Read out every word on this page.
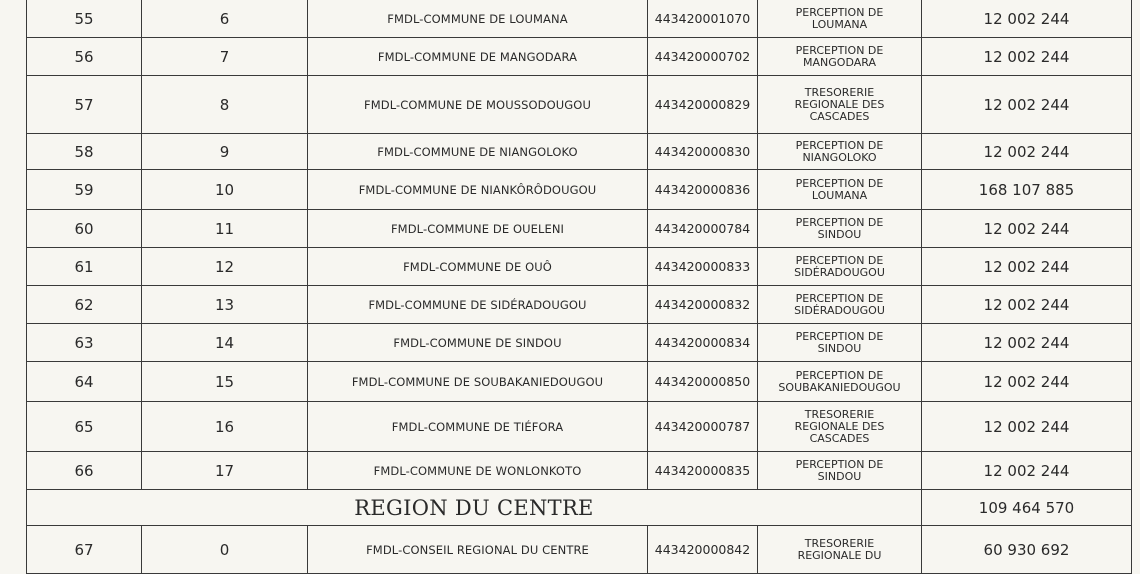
55	6	FMDL-COMMUNE DE LOUMANA	443420001070	PERCEPTION DE
LOUMANA	12 002 244
56	7	FMDL-COMMUNE DE MANGODARA	443420000702	PERCEPTION DE
MANGODARA	12 002 244
57	8	FMDL-COMMUNE DE MOUSSODOUGOU	443420000829	TRESORERIE
REGIONALE DES
CASCADES	12 002 244
58	9	FMDL-COMMUNE DE NIANGOLOKO	443420000830	PERCEPTION DE
NIANGOLOKO	12 002 244
59	10	FMDL-COMMUNE DE NIANKÔRÔDOUGOU	443420000836	PERCEPTION DE
LOUMANA	168 107 885
60	11	FMDL-COMMUNE DE OUELENI	443420000784	PERCEPTION DE
SINDOU	12 002 244
61	12	FMDL-COMMUNE DE OUÔ	443420000833	PERCEPTION DE
SIDÉRADOUGOU	12 002 244
62	13	FMDL-COMMUNE DE SIDÉRADOUGOU	443420000832	PERCEPTION DE
SIDÉRADOUGOU	12 002 244
63	14	FMDL-COMMUNE DE SINDOU	443420000834	PERCEPTION DE
SINDOU	12 002 244
64	15	FMDL-COMMUNE DE SOUBAKANIEDOUGOU	443420000850	PERCEPTION DE
SOUBAKANIEDOUGOU	12 002 244
65	16	FMDL-COMMUNE DE TIÉFORA	443420000787	TRESORERIE
REGIONALE DES
CASCADES	12 002 244
66	17	FMDL-COMMUNE DE WONLONKOTO	443420000835	PERCEPTION DE
SINDOU	12 002 244
REGION DU CENTRE					109 464 570
67	0	FMDL-CONSEIL REGIONAL DU CENTRE	443420000842	TRESORERIE
REGIONALE DU	60 930 692
